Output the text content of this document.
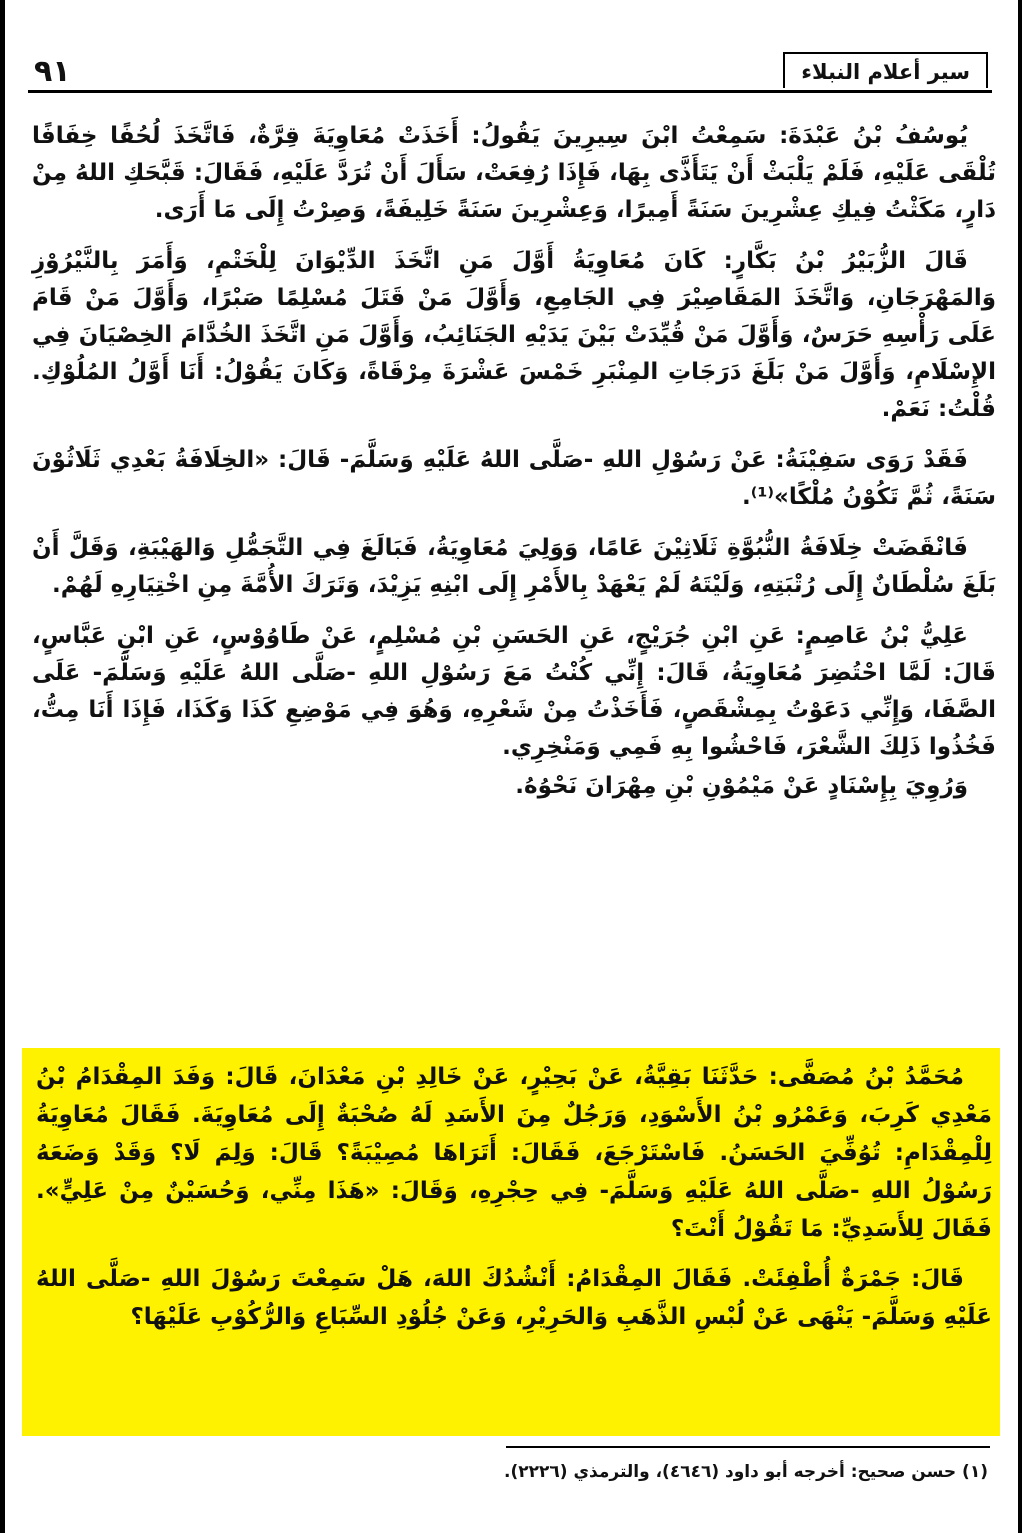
٩١	سير أعلام النبلاء

يُوسُفُ بْنُ عَبْدَةَ: سَمِعْتُ ابْنَ سِيرِينَ يَقُولُ: أَخَذَتْ مُعَاوِيَةَ قِرَّةٌ، فَاتَّخَذَ لُحُفًا خِفَافًا تُلْقَى عَلَيْهِ، فَلَمْ يَلْبَثْ أَنْ يَتَأَذَّى بِهَا، فَإِذَا رُفِعَتْ، سَأَلَ أَنْ تُرَدَّ عَلَيْهِ، فَقَالَ: قَبَّحَكِ اللهُ مِنْ دَارٍ، مَكَثْتُ فِيكِ عِشْرِينَ سَنَةً أَمِيرًا، وَعِشْرِينَ سَنَةً خَلِيفَةً، وَصِرْتُ إِلَى مَا أَرَى.

قَالَ الزُّبَيْرُ بْنُ بَكَّارٍ: كَانَ مُعَاوِيَةُ أَوَّلَ مَنِ اتَّخَذَ الدِّيْوَانَ لِلْخَتْمِ، وَأَمَرَ بِالنَّيْرُوْزِ وَالمَهْرَجَانِ، وَاتَّخَذَ المَقَاصِيْرَ فِي الجَامِعِ، وَأَوَّلَ مَنْ قَتَلَ مُسْلِمًا صَبْرًا، وَأَوَّلَ مَنْ قَامَ عَلَى رَأْسِهِ حَرَسٌ، وَأَوَّلَ مَنْ قُيِّدَتْ بَيْنَ يَدَيْهِ الجَنَائِبُ، وَأَوَّلَ مَنِ اتَّخَذَ الخُدَّامَ الخِصْيَانَ فِي الإِسْلَامِ، وَأَوَّلَ مَنْ بَلَغَ دَرَجَاتِ المِنْبَرِ خَمْسَ عَشْرَةَ مِرْقَاةً، وَكَانَ يَقُوْلُ: أَنَا أَوَّلُ المُلُوْكِ. قُلْتُ: نَعَمْ.

فَقَدْ رَوَى سَفِيْنَةُ: عَنْ رَسُوْلِ اللهِ -صَلَّى اللهُ عَلَيْهِ وَسَلَّمَ- قَالَ: «الخِلَافَةُ بَعْدِي ثَلَاثُوْنَ سَنَةً، ثُمَّ تَكُوْنُ مُلْكًا»⁽¹⁾.

فَانْقَضَتْ خِلَافَةُ النُّبُوَّةِ ثَلَاثِيْنَ عَامًا، وَوَلِيَ مُعَاوِيَةُ، فَبَالَغَ فِي التَّجَمُّلِ وَالهَيْبَةِ، وَقَلَّ أَنْ بَلَغَ سُلْطَانٌ إِلَى رُتْبَتِهِ، وَلَيْتَهُ لَمْ يَعْهَدْ بِالأَمْرِ إِلَى ابْنِهِ يَزِيْدَ، وَتَرَكَ الأُمَّةَ مِنِ اخْتِيَارِهِ لَهُمْ.

عَلِيُّ بْنُ عَاصِمٍ: عَنِ ابْنِ جُرَيْجٍ، عَنِ الحَسَنِ بْنِ مُسْلِمٍ، عَنْ طَاوُوْسٍ، عَنِ ابْنِ عَبَّاسٍ، قَالَ: لَمَّا احْتُضِرَ مُعَاوِيَةُ، قَالَ: إِنِّي كُنْتُ مَعَ رَسُوْلِ اللهِ -صَلَّى اللهُ عَلَيْهِ وَسَلَّمَ- عَلَى الصَّفَا، وَإِنِّي دَعَوْتُ بِمِشْقَصٍ، فَأَخَذْتُ مِنْ شَعْرِهِ، وَهُوَ فِي مَوْضِعِ كَذَا وَكَذَا، فَإِذَا أَنَا مِتُّ، فَخُذُوا ذَلِكَ الشَّعْرَ، فَاحْشُوا بِهِ فَمِي وَمَنْخِرِي.

وَرُوِيَ بِإِسْنَادٍ عَنْ مَيْمُوْنِ بْنِ مِهْرَانَ نَحْوُهُ.

مُحَمَّدُ بْنُ مُصَفَّى: حَدَّثَنَا بَقِيَّةُ، عَنْ بَحِيْرٍ، عَنْ خَالِدِ بْنِ مَعْدَانَ، قَالَ: وَفَدَ المِقْدَامُ بْنُ مَعْدِي كَرِبَ، وَعَمْرُو بْنُ الأَسْوَدِ، وَرَجُلٌ مِنَ الأَسَدِ لَهُ صُحْبَةٌ إِلَى مُعَاوِيَةَ. فَقَالَ مُعَاوِيَةُ لِلْمِقْدَامِ: تُوُفِّيَ الحَسَنُ. فَاسْتَرْجَعَ، فَقَالَ: أَتَرَاهَا مُصِيْبَةً؟ قَالَ: وَلِمَ لَا؟ وَقَدْ وَضَعَهُ رَسُوْلُ اللهِ -صَلَّى اللهُ عَلَيْهِ وَسَلَّمَ- فِي حِجْرِهِ، وَقَالَ: «هَذَا مِنِّي، وَحُسَيْنٌ مِنْ عَلِيٍّ». فَقَالَ لِلأَسَدِيِّ: مَا تَقُوْلُ أَنْتَ؟

قَالَ: جَمْرَةٌ أُطْفِئَتْ. فَقَالَ المِقْدَامُ: أَنْشُدُكَ اللهَ، هَلْ سَمِعْتَ رَسُوْلَ اللهِ -صَلَّى اللهُ عَلَيْهِ وَسَلَّمَ- يَنْهَى عَنْ لُبْسِ الذَّهَبِ وَالحَرِيْرِ، وَعَنْ جُلُوْدِ السِّبَاعِ وَالرُّكُوْبِ عَلَيْهَا؟

(١) حسن صحيح: أخرجه أبو داود (٤٦٤٦)، والترمذي (٢٢٢٦).
